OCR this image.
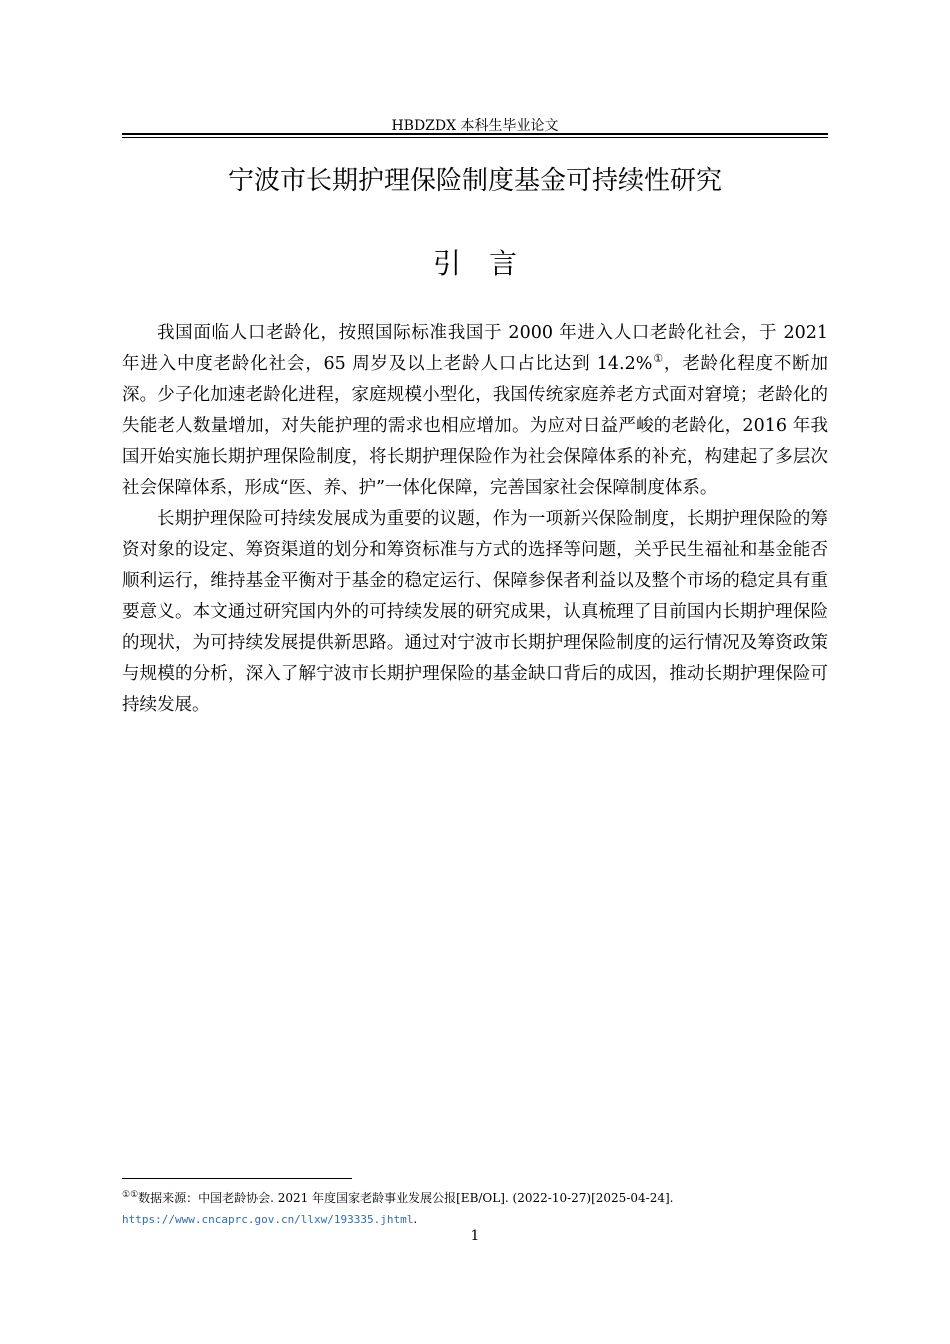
HBDZDX 本科生毕业论文
宁波市长期护理保险制度基金可持续性研究
引言

我国面临人口老龄化，按照国际标准我国于 2000 年进入人口老龄化社会，于 2021 年进入中度老龄化社会，65 周岁及以上老龄人口占比达到 14.2%①，老龄化程度不断加深。少子化加速老龄化进程，家庭规模小型化，我国传统家庭养老方式面对窘境；老龄化的失能老人数量增加，对失能护理的需求也相应增加。为应对日益严峻的老龄化，2016 年我国开始实施长期护理保险制度，将长期护理保险作为社会保障体系的补充，构建起了多层次社会保障体系，形成“医、养、护”一体化保障，完善国家社会保障制度体系。

长期护理保险可持续发展成为重要的议题，作为一项新兴保险制度，长期护理保险的筹资对象的设定、筹资渠道的划分和筹资标准与方式的选择等问题，关乎民生福祉和基金能否顺利运行，维持基金平衡对于基金的稳定运行、保障参保者利益以及整个市场的稳定具有重要意义。本文通过研究国内外的可持续发展的研究成果，认真梳理了目前国内长期护理保险的现状，为可持续发展提供新思路。通过对宁波市长期护理保险制度的运行情况及筹资政策与规模的分析，深入了解宁波市长期护理保险的基金缺口背后的成因，推动长期护理保险可持续发展。

①①数据来源：中国老龄协会. 2021 年度国家老龄事业发展公报[EB/OL]. (2022-10-27)[2025-04-24]. https://www.cncaprc.gov.cn/llxw/193335.jhtml.
1
